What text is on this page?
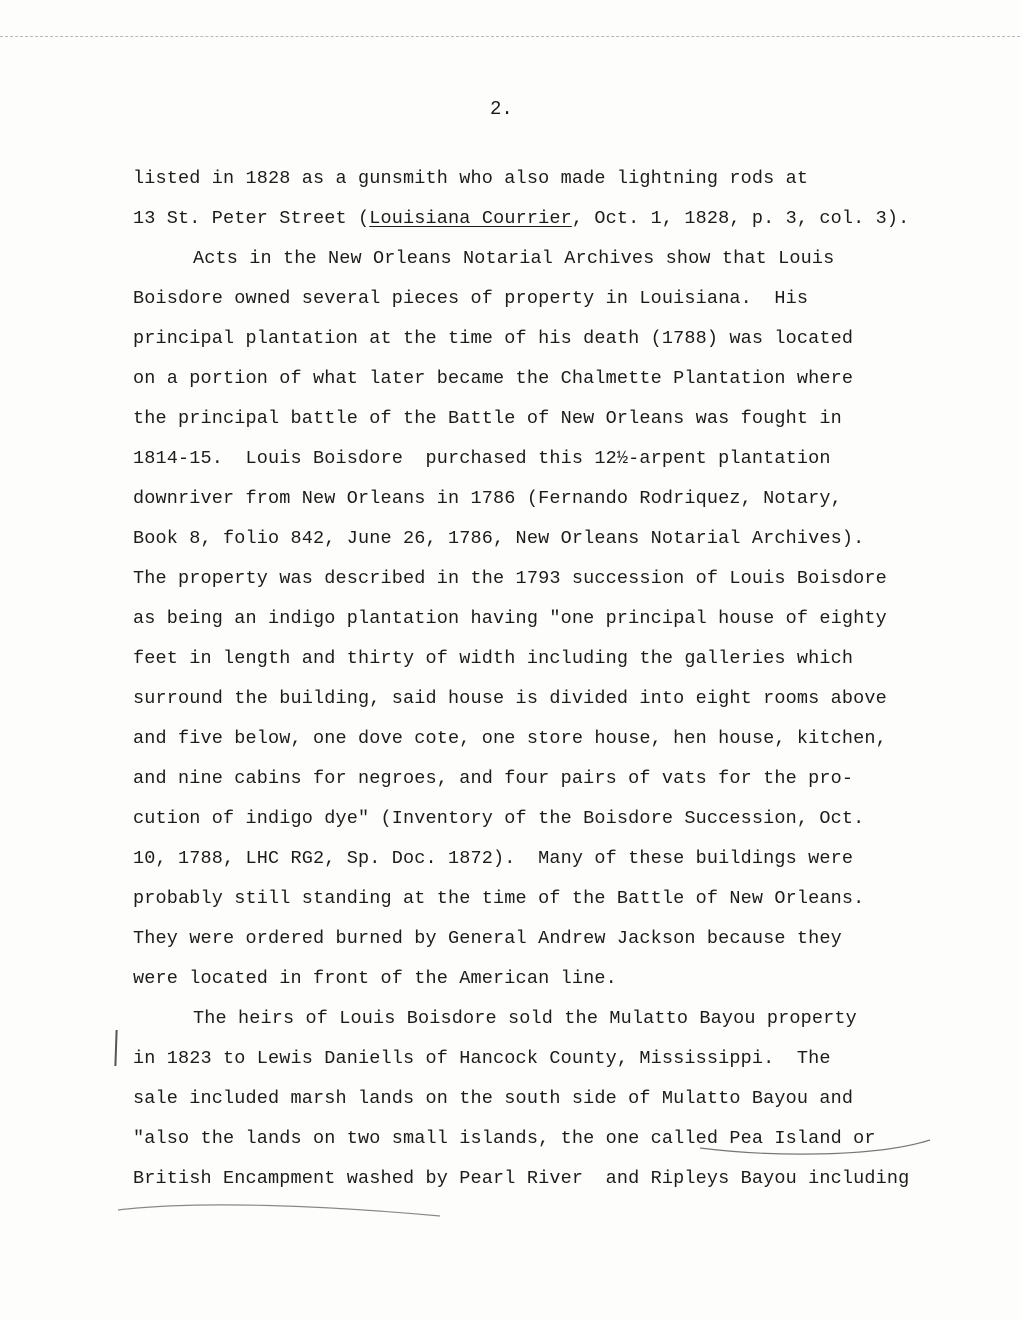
2.
listed in 1828 as a gunsmith who also made lightning rods at
13 St. Peter Street (Louisiana Courrier, Oct. 1, 1828, p. 3, col. 3).
Acts in the New Orleans Notarial Archives show that Louis
Boisdore owned several pieces of property in Louisiana.  His
principal plantation at the time of his death (1788) was located
on a portion of what later became the Chalmette Plantation where
the principal battle of the Battle of New Orleans was fought in
1814-15.  Louis Boisdore  purchased this 12½-arpent plantation
downriver from New Orleans in 1786 (Fernando Rodriquez, Notary,
Book 8, folio 842, June 26, 1786, New Orleans Notarial Archives).
The property was described in the 1793 succession of Louis Boisdore
as being an indigo plantation having "one principal house of eighty
feet in length and thirty of width including the galleries which
surround the building, said house is divided into eight rooms above
and five below, one dove cote, one store house, hen house, kitchen,
and nine cabins for negroes, and four pairs of vats for the pro-
cution of indigo dye" (Inventory of the Boisdore Succession, Oct.
10, 1788, LHC RG2, Sp. Doc. 1872).  Many of these buildings were
probably still standing at the time of the Battle of New Orleans.
They were ordered burned by General Andrew Jackson because they
were located in front of the American line.
The heirs of Louis Boisdore sold the Mulatto Bayou property
in 1823 to Lewis Daniells of Hancock County, Mississippi.  The
sale included marsh lands on the south side of Mulatto Bayou and
"also the lands on two small islands, the one called Pea Island or
British Encampment washed by Pearl River  and Ripleys Bayou including
